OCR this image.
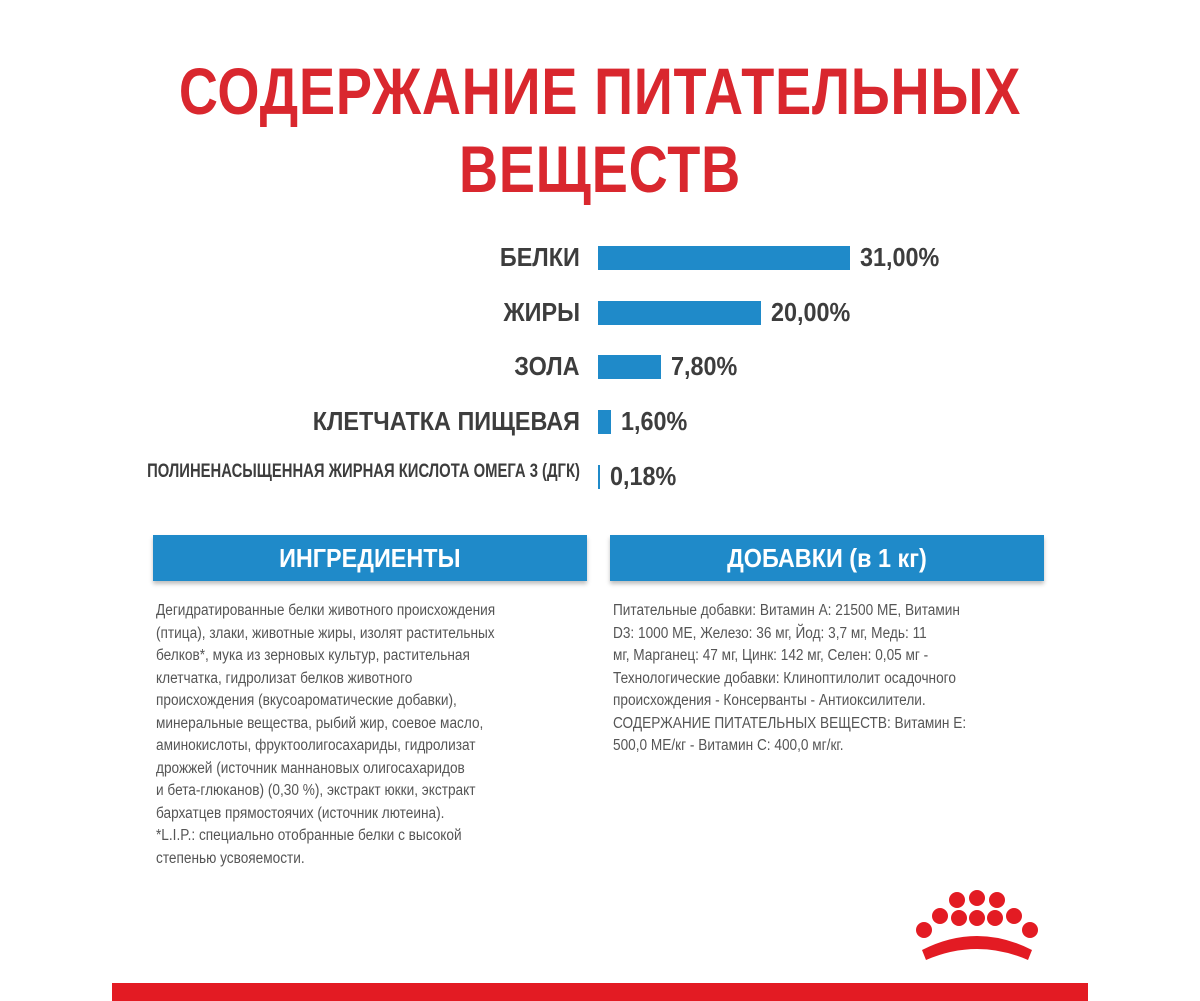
СОДЕРЖАНИЕ ПИТАТЕЛЬНЫХ
ВЕЩЕСТВ
БЕЛКИ	31,00%
ЖИРЫ	20,00%
ЗОЛА	7,80%
КЛЕТЧАТКА ПИЩЕВАЯ 1,60%
ПОЛИНЕНАСЫЩЕННАЯ ЖИРНАЯ КИСЛОТА ОМЕГА 3 (ДГК) 0,18%
ИНГРЕДИЕНТЫ
Дегидратированные белки животного происхождения
(птица), злаки, животные жиры, изолят растительных
белков*, мука из зерновых культур, растительная
клетчатка, гидролизат белков животного
происхождения (вкусоароматические добавки),
минеральные вещества, рыбий жир, соевое масло,
аминокислоты, фруктоолигосахариды, гидролизат
дрожжей (источник маннановых олигосахаридов
и бета-глюканов) (0,30 %), экстракт юкки, экстракт
бархатцев прямостоячих (источник лютеина).
*L.I.P.: специально отобранные белки с высокой
степенью усвояемости.
ДОБАВКИ (в 1 кг)
Питательные добавки: Витамин А: 21500 МЕ, Витамин
D3: 1000 МЕ, Железо: 36 мг, Йод: 3,7 мг, Медь: 11
мг, Марганец: 47 мг, Цинк: 142 мг, Селен: 0,05 мг -
Технологические добавки: Клиноптилолит осадочного
происхождения - Консерванты - Антиоксилители.
СОДЕРЖАНИЕ ПИТАТЕЛЬНЫХ ВЕЩЕСТВ: Витамин Е:
500,0 МЕ/кг - Витамин С: 400,0 мг/кг.
